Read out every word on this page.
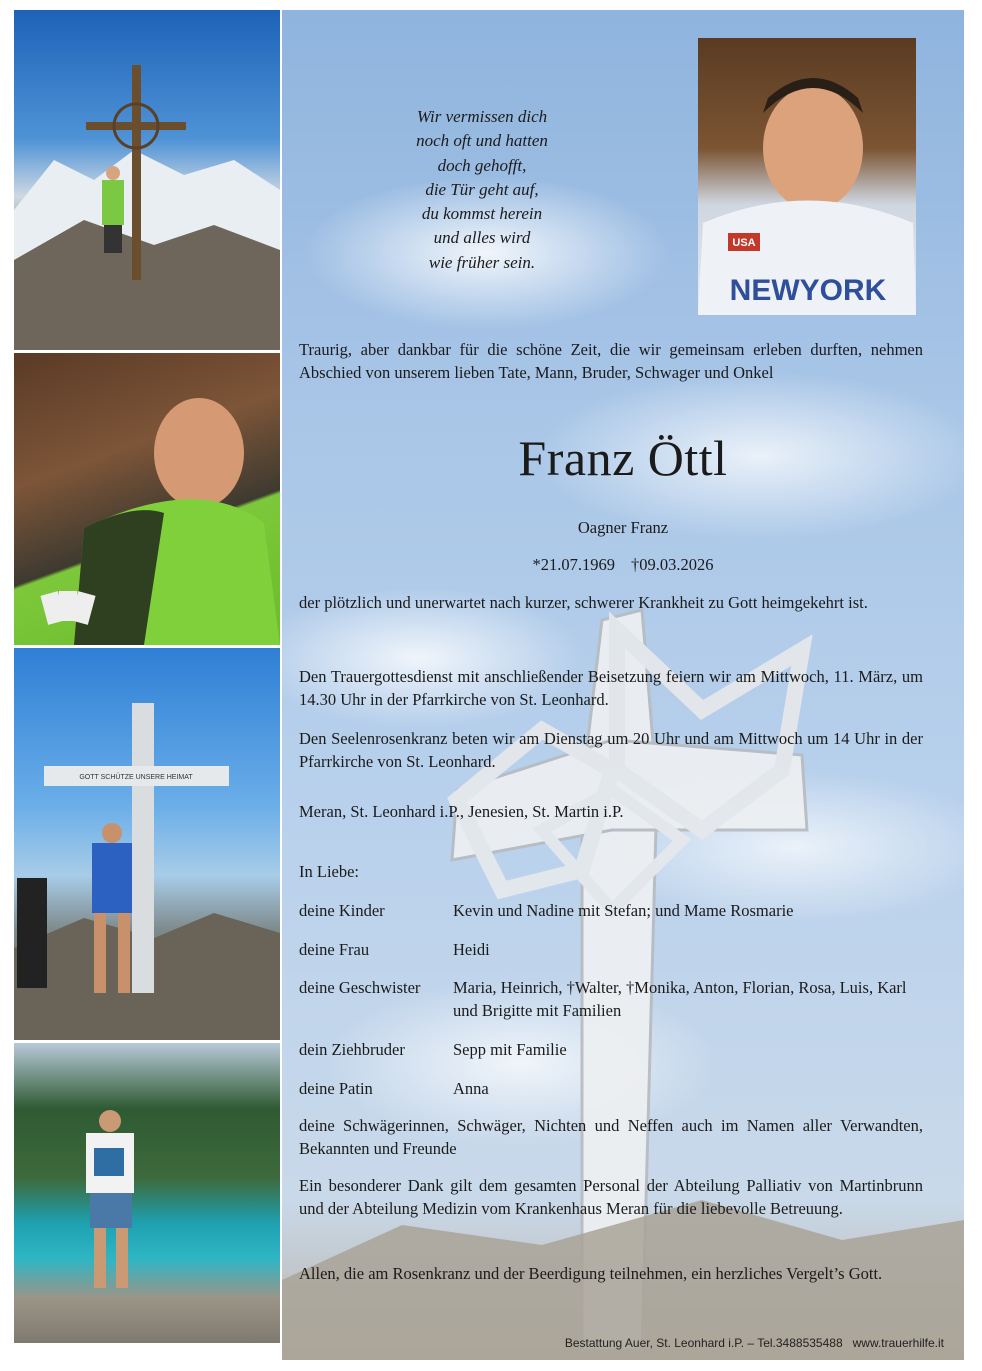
GOTT SCHÜTZE UNSERE HEIMAT
USA
NEWYORK
Wir vermissen dich
noch oft und hatten
doch gehofft,
die Tür geht auf,
du kommst herein
und alles wird
wie früher sein.
Traurig, aber dankbar für die schöne Zeit, die wir gemeinsam erleben durften, nehmen Abschied von unserem lieben Tate, Mann, Bruder, Schwager und Onkel
Franz Öttl
Oagner Franz
*21.07.1969 †09.03.2026
der plötzlich und unerwartet nach kurzer, schwerer Krankheit zu Gott heimgekehrt ist.
Den Trauergottesdienst mit anschließender Beisetzung feiern wir am Mittwoch, 11. März, um 14.30 Uhr in der Pfarrkirche von St. Leonhard.
Den Seelenrosenkranz beten wir am Dienstag um 20 Uhr und am Mittwoch um 14 Uhr in der Pfarrkirche von St. Leonhard.
Meran, St. Leonhard i.P., Jenesien, St. Martin i.P.
In Liebe:
deine Kinder	Kevin und Nadine mit Stefan; und Mame Rosmarie
deine Frau	Heidi
deine Geschwister	Maria, Heinrich, †Walter, †Monika, Anton, Florian, Rosa, Luis, Karl und Brigitte mit Familien
dein Ziehbruder	Sepp mit Familie
deine Patin	Anna
deine Schwägerinnen, Schwäger, Nichten und Neffen auch im Namen aller Verwandten, Bekannten und Freunde
Ein besonderer Dank gilt dem gesamten Personal der Abteilung Palliativ von Martinbrunn und der Abteilung Medizin vom Krankenhaus Meran für die liebevolle Betreuung.
Allen, die am Rosenkranz und der Beerdigung teilnehmen, ein herzliches Vergelt’s Gott.
Bestattung Auer, St. Leonhard i.P. – Tel.3488535488 www.trauerhilfe.it
